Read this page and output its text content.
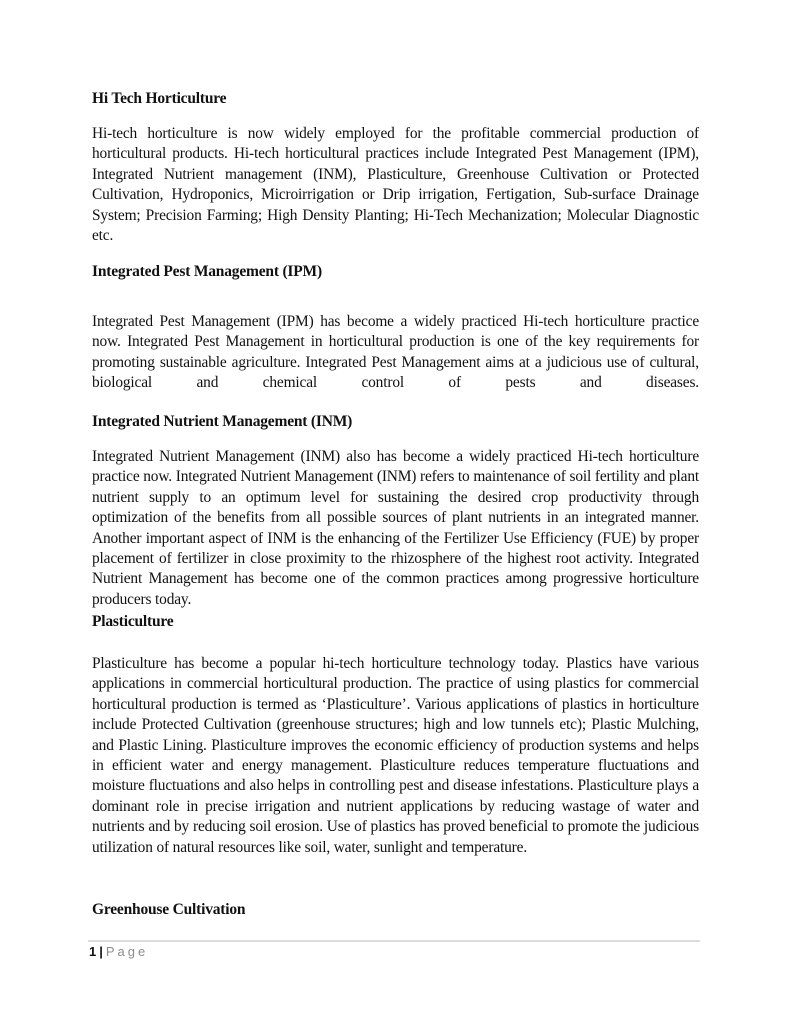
Hi Tech Horticulture

Hi-tech horticulture is now widely employed for the profitable commercial production of horticultural products. Hi-tech horticultural practices include Integrated Pest Management (IPM), Integrated Nutrient management (INM), Plasticulture, Greenhouse Cultivation or Protected Cultivation, Hydroponics, Microirrigation or Drip irrigation, Fertigation, Sub-surface Drainage System; Precision Farming; High Density Planting; Hi-Tech Mechanization; Molecular Diagnostic etc.

Integrated Pest Management (IPM)

Integrated Pest Management (IPM) has become a widely practiced Hi-tech horticulture practice now. Integrated Pest Management in horticultural production is one of the key requirements for promoting sustainable agriculture. Integrated Pest Management aims at a judicious use of cultural, biological and chemical control of pests and diseases.

Integrated Nutrient Management (INM)

Integrated Nutrient Management (INM) also has become a widely practiced Hi-tech horticulture practice now. Integrated Nutrient Management (INM) refers to maintenance of soil fertility and plant nutrient supply to an optimum level for sustaining the desired crop productivity through optimization of the benefits from all possible sources of plant nutrients in an integrated manner. Another important aspect of INM is the enhancing of the Fertilizer Use Efficiency (FUE) by proper placement of fertilizer in close proximity to the rhizosphere of the highest root activity. Integrated Nutrient Management has become one of the common practices among progressive horticulture producers today.

Plasticulture

Plasticulture has become a popular hi-tech horticulture technology today. Plastics have various applications in commercial horticultural production. The practice of using plastics for commercial horticultural production is termed as ‘Plasticulture’. Various applications of plastics in horticulture include Protected Cultivation (greenhouse structures; high and low tunnels etc); Plastic Mulching, and Plastic Lining. Plasticulture improves the economic efficiency of production systems and helps in efficient water and energy management. Plasticulture reduces temperature fluctuations and moisture fluctuations and also helps in controlling pest and disease infestations. Plasticulture plays a dominant role in precise irrigation and nutrient applications by reducing wastage of water and nutrients and by reducing soil erosion. Use of plastics has proved beneficial to promote the judicious utilization of natural resources like soil, water, sunlight and temperature.

Greenhouse Cultivation
1 | Page
